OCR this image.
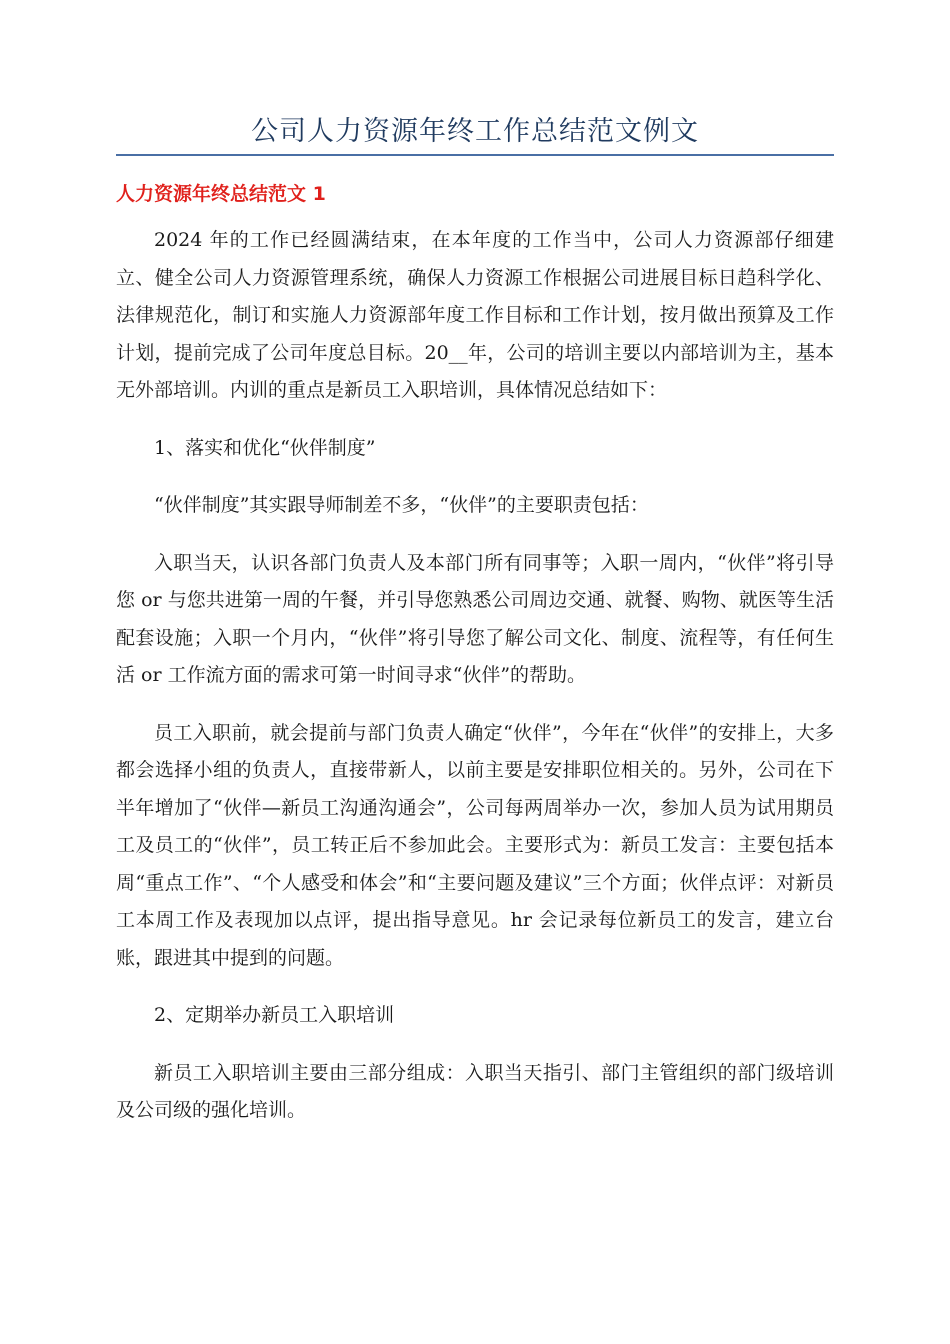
公司人力资源年终工作总结范文例文
人力资源年终总结范文 1

2024 年的工作已经圆满结束，在本年度的工作当中，公司人力资源部仔细建立、健全公司人力资源管理系统，确保人力资源工作根据公司进展目标日趋科学化、法律规范化，制订和实施人力资源部年度工作目标和工作计划，按月做出预算及工作计划，提前完成了公司年度总目标。20__年，公司的培训主要以内部培训为主，基本无外部培训。内训的重点是新员工入职培训，具体情况总结如下：

1、落实和优化“伙伴制度”

“伙伴制度”其实跟导师制差不多，“伙伴”的主要职责包括：

入职当天，认识各部门负责人及本部门所有同事等；入职一周内，“伙伴”将引导您 or 与您共进第一周的午餐，并引导您熟悉公司周边交通、就餐、购物、就医等生活配套设施；入职一个月内，“伙伴”将引导您了解公司文化、制度、流程等，有任何生活 or 工作流方面的需求可第一时间寻求“伙伴”的帮助。

员工入职前，就会提前与部门负责人确定“伙伴”，今年在“伙伴”的安排上，大多都会选择小组的负责人，直接带新人，以前主要是安排职位相关的。另外，公司在下半年增加了“伙伴—新员工沟通沟通会”，公司每两周举办一次，参加人员为试用期员工及员工的“伙伴”，员工转正后不参加此会。主要形式为：新员工发言：主要包括本周“重点工作”、“个人感受和体会”和“主要问题及建议”三个方面；伙伴点评：对新员工本周工作及表现加以点评，提出指导意见。hr 会记录每位新员工的发言，建立台账，跟进其中提到的问题。

2、定期举办新员工入职培训

新员工入职培训主要由三部分组成：入职当天指引、部门主管组织的部门级培训及公司级的强化培训。
